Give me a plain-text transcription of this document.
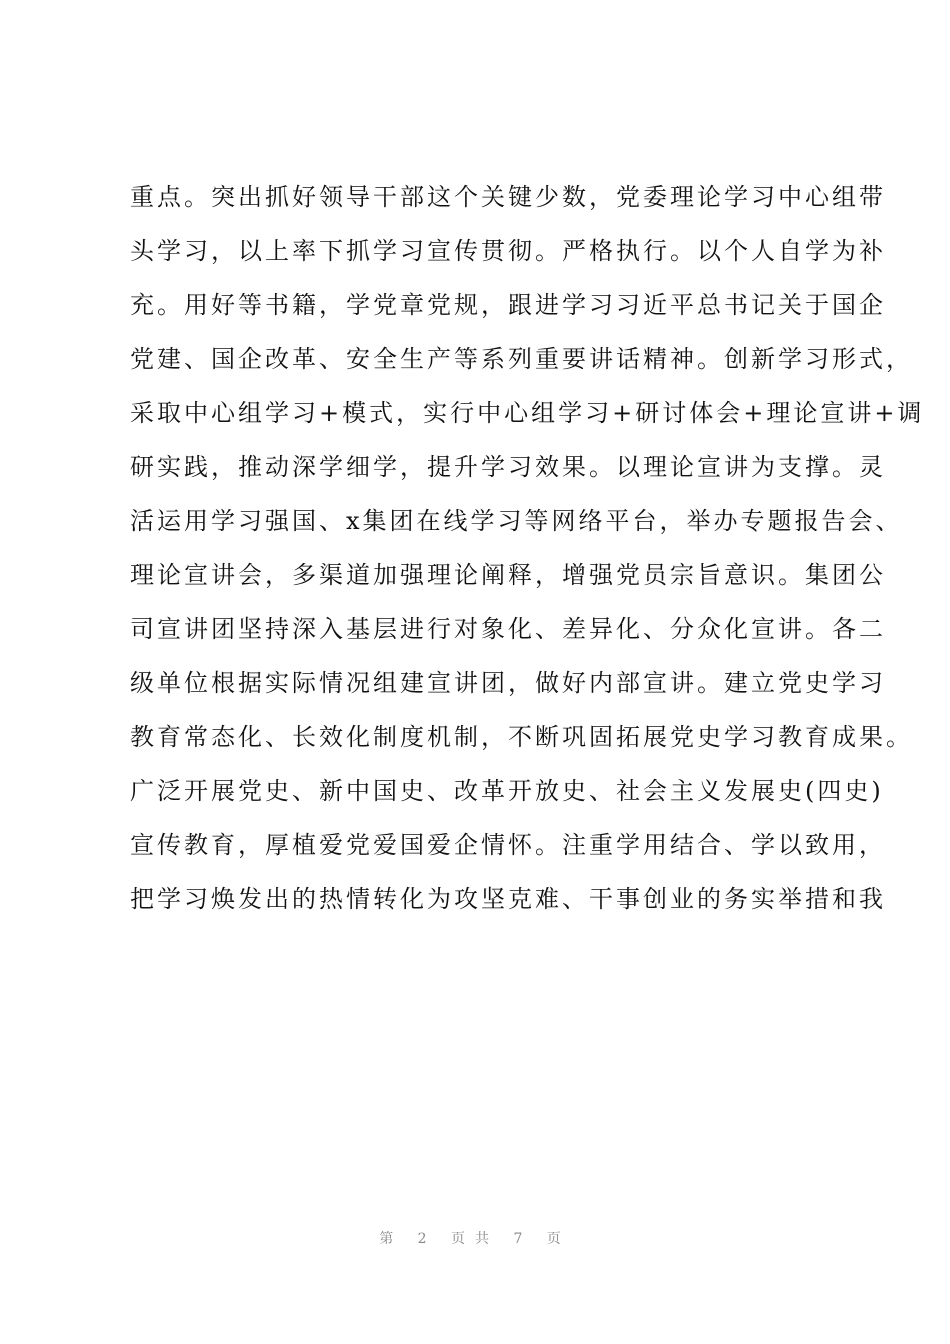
重点。突出抓好领导干部这个关键少数，党委理论学习中心组带
头学习，以上率下抓学习宣传贯彻。严格执行。以个人自学为补
充。用好等书籍，学党章党规，跟进学习习近平总书记关于国企
党建、国企改革、安全生产等系列重要讲话精神。创新学习形式，
采取中心组学习+模式，实行中心组学习+研讨体会+理论宣讲+调
研实践，推动深学细学，提升学习效果。以理论宣讲为支撑。灵
活运用学习强国、x集团在线学习等网络平台，举办专题报告会、
理论宣讲会，多渠道加强理论阐释，增强党员宗旨意识。集团公
司宣讲团坚持深入基层进行对象化、差异化、分众化宣讲。各二
级单位根据实际情况组建宣讲团，做好内部宣讲。建立党史学习
教育常态化、长效化制度机制，不断巩固拓展党史学习教育成果。
广泛开展党史、新中国史、改革开放史、社会主义发展史(四史)
宣传教育，厚植爱党爱国爱企情怀。注重学用结合、学以致用，
把学习焕发出的热情转化为攻坚克难、干事创业的务实举措和我
第 2 页共 7 页
